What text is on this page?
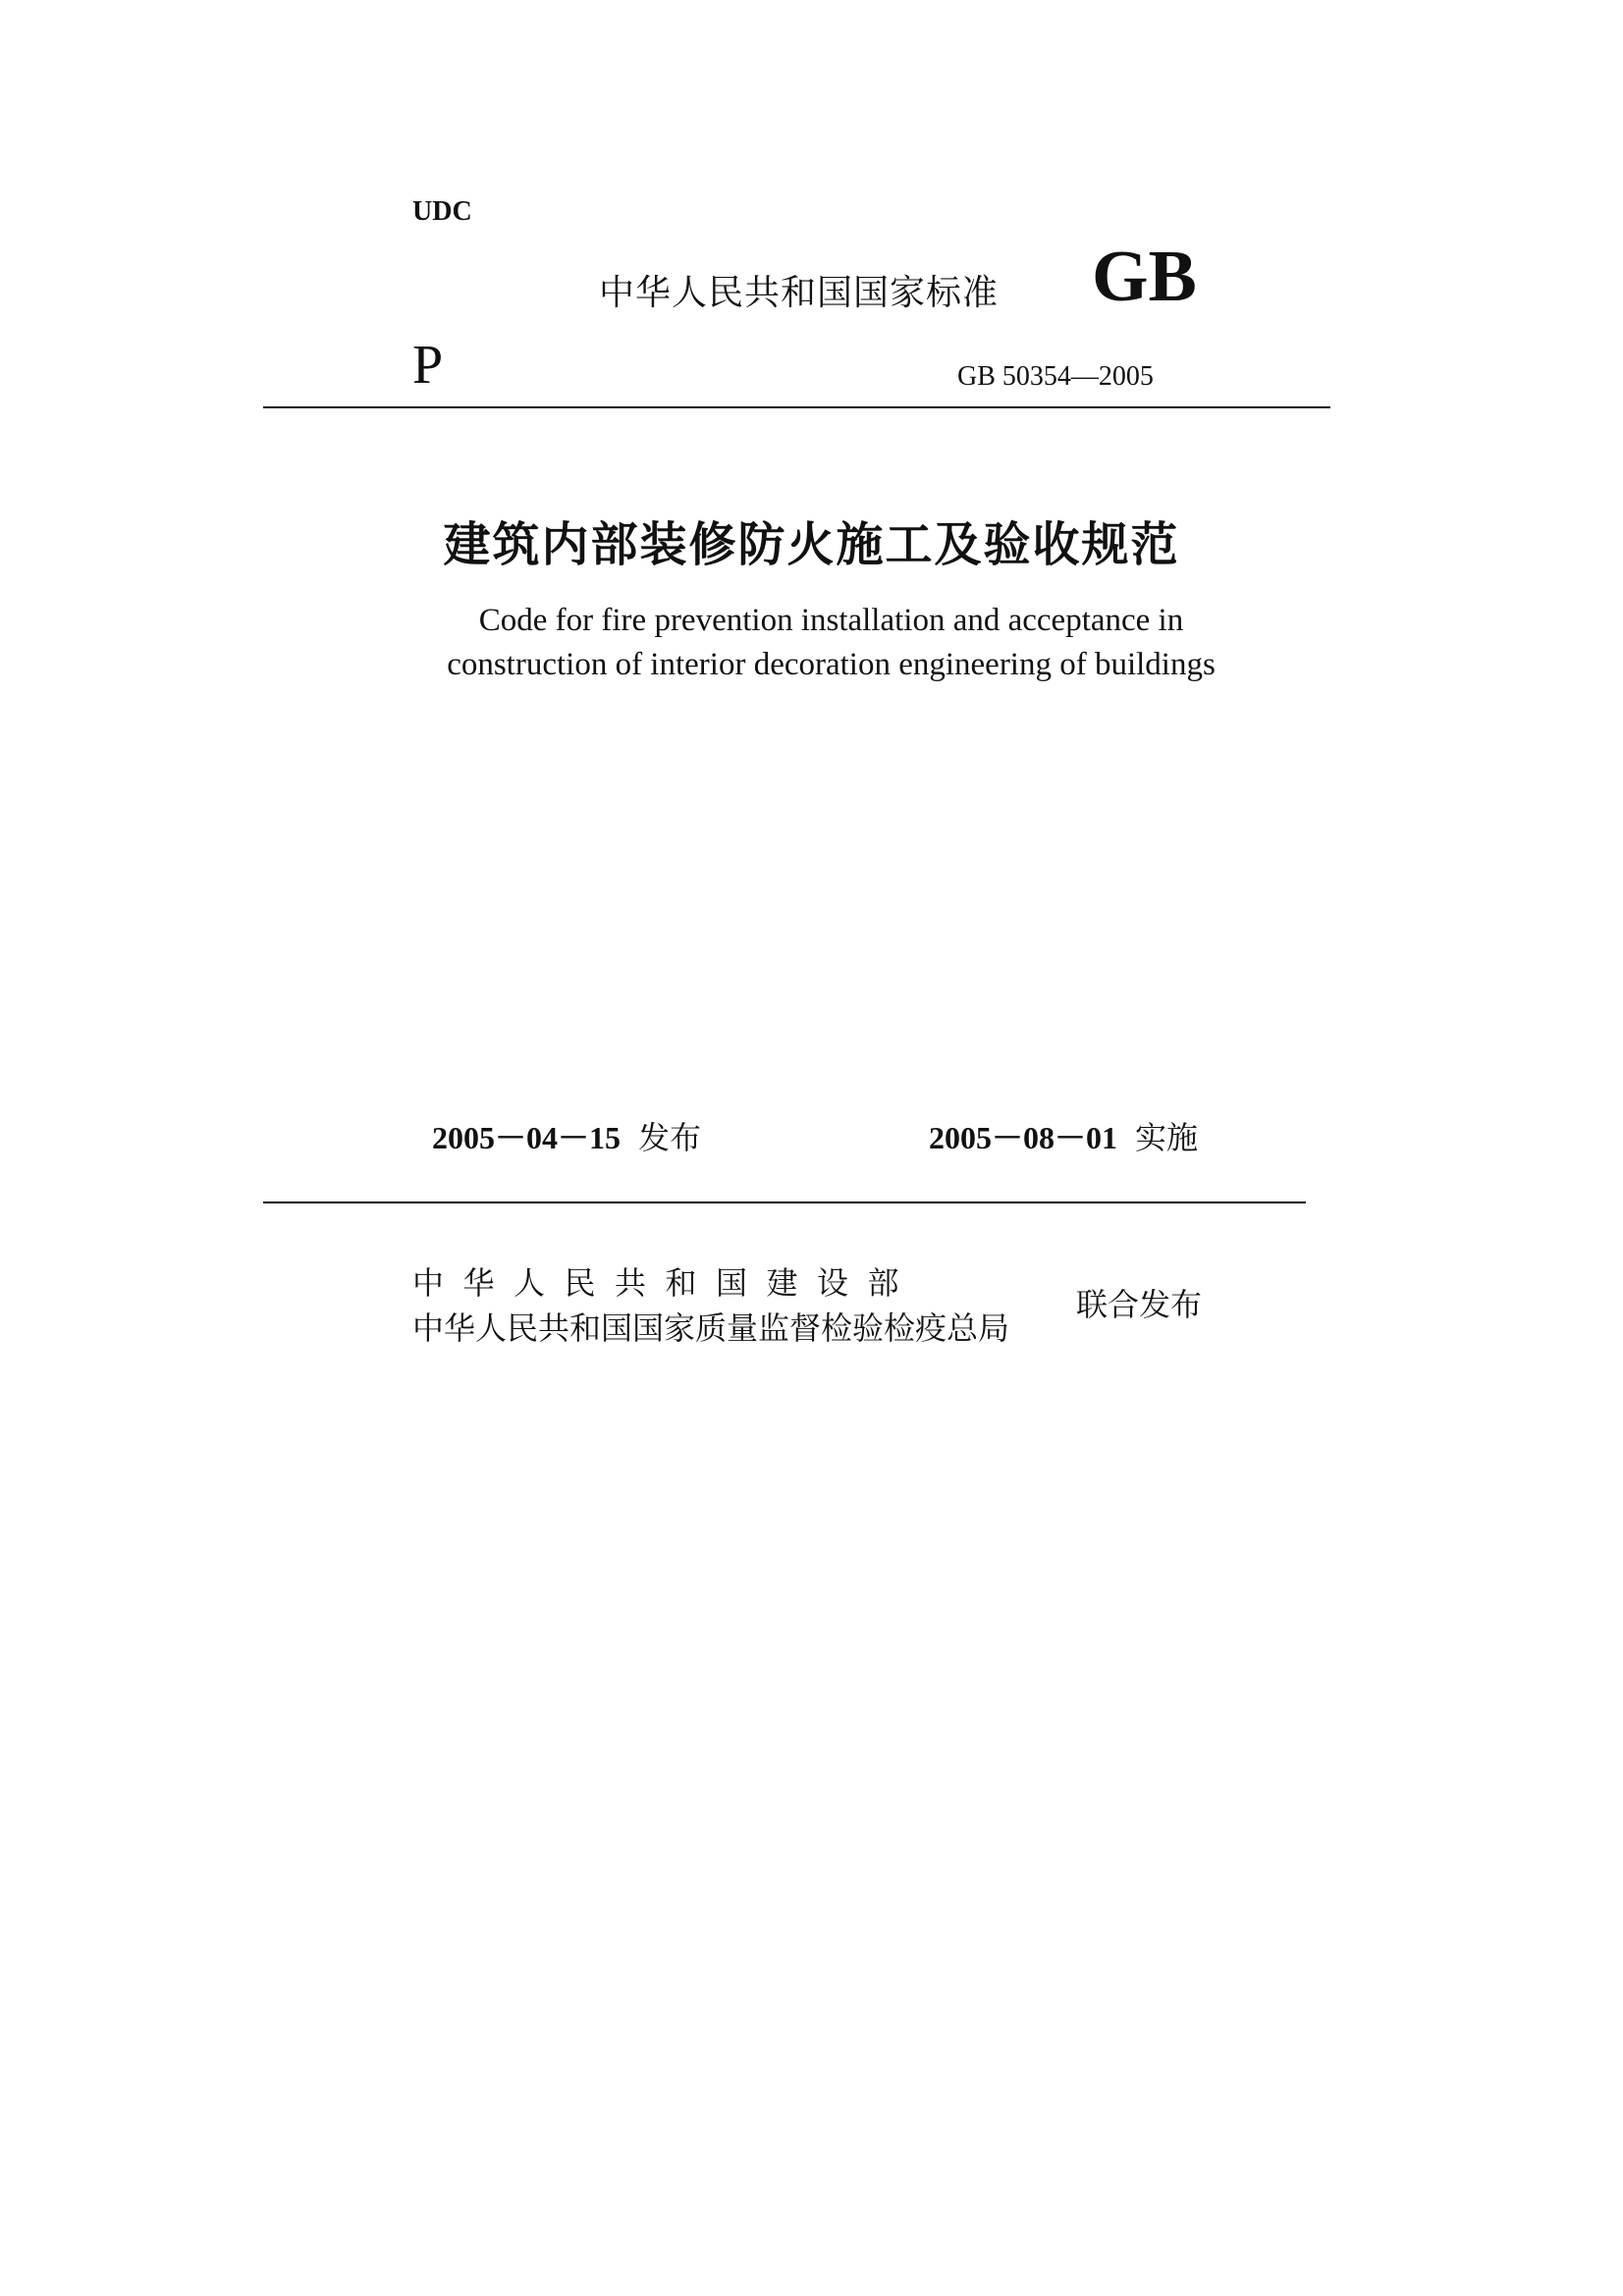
UDC
中华人民共和国国家标准 GB
P	GB 50354—2005
建筑内部装修防火施工及验收规范
Code for fire prevention installation and acceptance in
construction of interior decoration engineering of buildings
2005－04－15 发布	2005－08－01 实施
中华人民共和国建设部
中华人民共和国国家质量监督检验检疫总局
联合发布
